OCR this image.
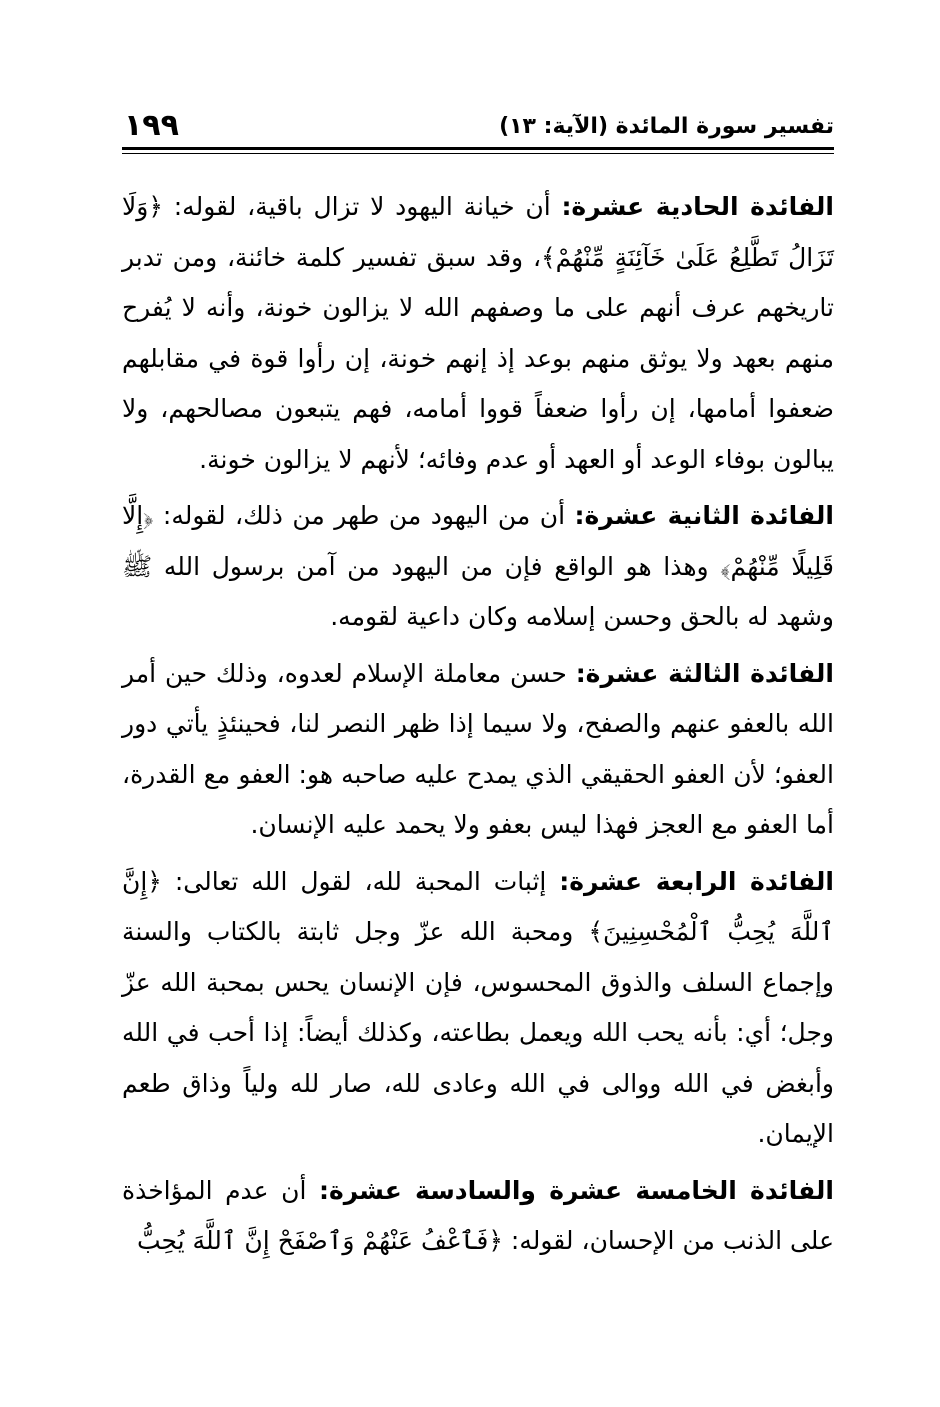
تفسير سورة المائدة (الآية: ١٣)
١٩٩

الفائدة الحادية عشرة: أن خيانة اليهود لا تزال باقية، لقوله: ﴿وَلَا تَزَالُ تَطَّلِعُ عَلَىٰ خَآئِنَةٍ مِّنْهُمْ﴾، وقد سبق تفسير كلمة خائنة، ومن تدبر تاريخهم عرف أنهم على ما وصفهم الله لا يزالون خونة، وأنه لا يُفرح منهم بعهد ولا يوثق منهم بوعد إذ إنهم خونة، إن رأوا قوة في مقابلهم ضعفوا أمامها، إن رأوا ضعفاً قووا أمامه، فهم يتبعون مصالحهم، ولا يبالون بوفاء الوعد أو العهد أو عدم وفائه؛ لأنهم لا يزالون خونة.

الفائدة الثانية عشرة: أن من اليهود من طهر من ذلك، لقوله: ﴿إِلَّا قَلِيلًا مِّنْهُمْ﴾ وهذا هو الواقع فإن من اليهود من آمن برسول الله ﷺ وشهد له بالحق وحسن إسلامه وكان داعية لقومه.

الفائدة الثالثة عشرة: حسن معاملة الإسلام لعدوه، وذلك حين أمر الله بالعفو عنهم والصفح، ولا سيما إذا ظهر النصر لنا، فحينئذٍ يأتي دور العفو؛ لأن العفو الحقيقي الذي يمدح عليه صاحبه هو: العفو مع القدرة، أما العفو مع العجز فهذا ليس بعفو ولا يحمد عليه الإنسان.

الفائدة الرابعة عشرة: إثبات المحبة لله، لقول الله تعالى: ﴿إِنَّ ٱللَّهَ يُحِبُّ ٱلْمُحْسِنِينَ﴾ ومحبة الله عزّ وجل ثابتة بالكتاب والسنة وإجماع السلف والذوق المحسوس، فإن الإنسان يحس بمحبة الله عزّ وجل؛ أي: بأنه يحب الله ويعمل بطاعته، وكذلك أيضاً: إذا أحب في الله وأبغض في الله ووالى في الله وعادى لله، صار لله ولياً وذاق طعم الإيمان.

الفائدة الخامسة عشرة والسادسة عشرة: أن عدم المؤاخذة على الذنب من الإحسان، لقوله: ﴿فَٱعْفُ عَنْهُمْ وَٱصْفَحْ إِنَّ ٱللَّهَ يُحِبُّ
